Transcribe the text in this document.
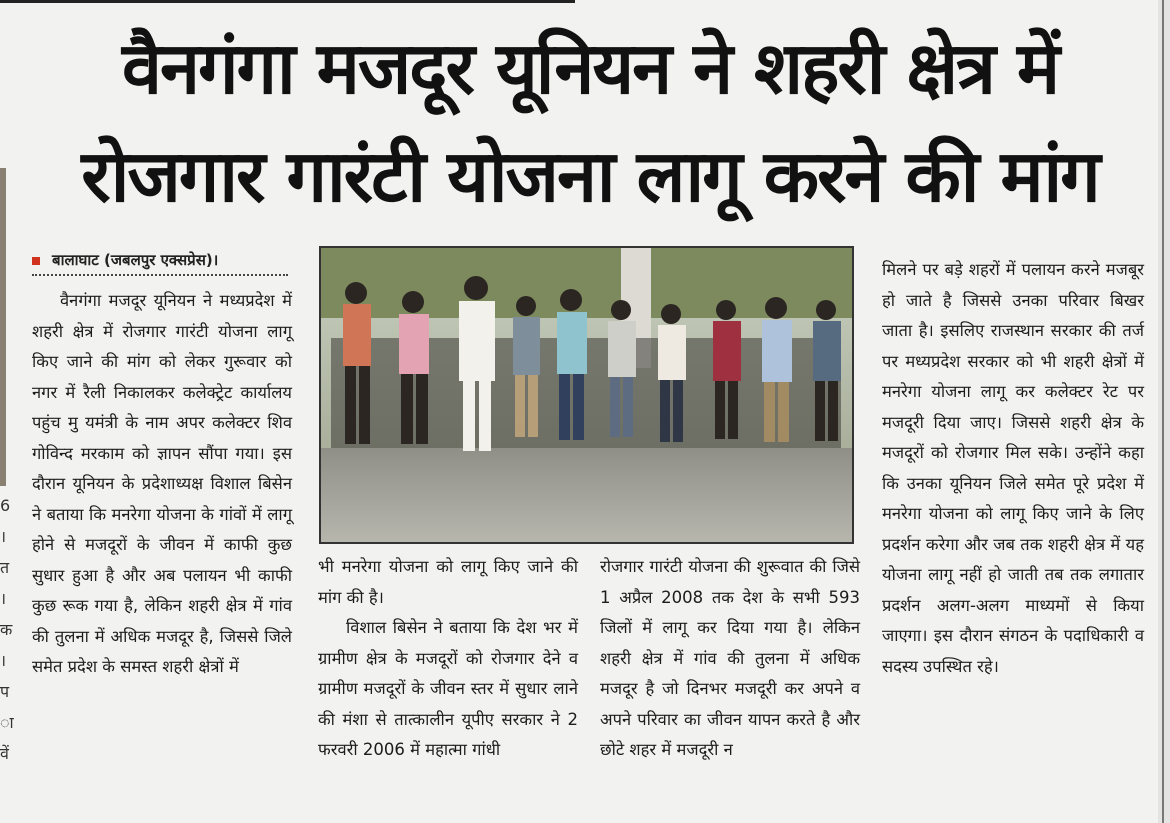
6
।
त
।
क
।
प
ा
वें
वैनगंगा मजदूर यूनियन ने शहरी क्षेत्र में
रोजगार गारंटी योजना लागू करने की मांग
बालाघाट (जबलपुर एक्सप्रेस)।

वैनगंगा मजदूर यूनियन ने मध्यप्रदेश में शहरी क्षेत्र में रोजगार गारंटी योजना लागू किए जाने की मांग को लेकर गुरूवार को नगर में रैली निकालकर कलेक्ट्रेट कार्यालय पहुंच मु यमंत्री के नाम अपर कलेक्टर शिव गोविन्द मरकाम को ज्ञापन सौंपा गया। इस दौरान यूनियन के प्रदेशाध्यक्ष विशाल बिसेन ने बताया कि मनरेगा योजना के गांवों में लागू होने से मजदूरों के जीवन में काफी कुछ सुधार हुआ है और अब पलायन भी काफी कुछ रूक गया है, लेकिन शहरी क्षेत्र में गांव की तुलना में अधिक मजदूर है, जिससे जिले समेत प्रदेश के समस्त शहरी क्षेत्रों में

भी मनरेगा योजना को लागू किए जाने की मांग की है।

विशाल बिसेन ने बताया कि देश भर में ग्रामीण क्षेत्र के मजदूरों को रोजगार देने व ग्रामीण मजदूरों के जीवन स्तर में सुधार लाने की मंशा से तात्कालीन यूपीए सरकार ने 2 फरवरी 2006 में महात्मा गांधी

रोजगार गारंटी योजना की शुरूवात की जिसे 1 अप्रैल 2008 तक देश के सभी 593 जिलों में लागू कर दिया गया है। लेकिन शहरी क्षेत्र में गांव की तुलना में अधिक मजदूर है जो दिनभर मजदूरी कर अपने व अपने परिवार का जीवन यापन करते है और छोटे शहर में मजदूरी न

मिलने पर बड़े शहरों में पलायन करने मजबूर हो जाते है जिससे उनका परिवार बिखर जाता है। इसलिए राजस्थान सरकार की तर्ज पर मध्यप्रदेश सरकार को भी शहरी क्षेत्रों में मनरेगा योजना लागू कर कलेक्टर रेट पर मजदूरी दिया जाए। जिससे शहरी क्षेत्र के मजदूरों को रोजगार मिल सके। उन्होंने कहा कि उनका यूनियन जिले समेत पूरे प्रदेश में मनरेगा योजना को लागू किए जाने के लिए प्रदर्शन करेगा और जब तक शहरी क्षेत्र में यह योजना लागू नहीं हो जाती तब तक लगातार प्रदर्शन अलग-अलग माध्यमों से किया जाएगा। इस दौरान संगठन के पदाधिकारी व सदस्य उपस्थित रहे।
